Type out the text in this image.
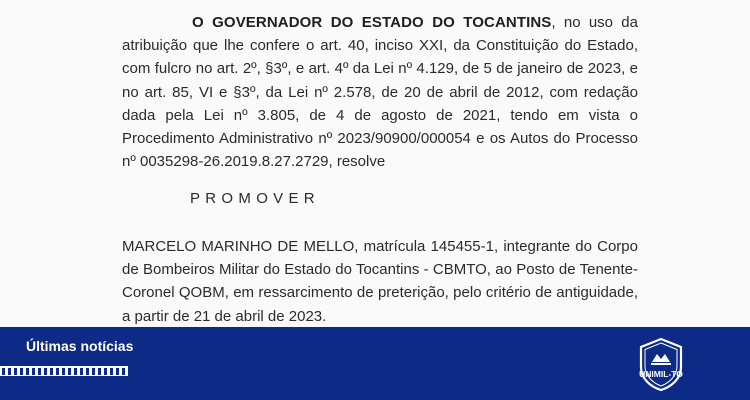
O GOVERNADOR DO ESTADO DO TOCANTINS, no uso da atribuição que lhe confere o art. 40, inciso XXI, da Constituição do Estado, com fulcro no art. 2º, §3º, e art. 4º da Lei nº 4.129, de 5 de janeiro de 2023, e no art. 85, VI e §3º, da Lei nº 2.578, de 20 de abril de 2012, com redação dada pela Lei nº 3.805, de 4 de agosto de 2021, tendo em vista o Procedimento Administrativo nº 2023/90900/000054 e os Autos do Processo nº 0035298-26.2019.8.27.2729, resolve

PROMOVER

MARCELO MARINHO DE MELLO, matrícula 145455-1, integrante do Corpo de Bombeiros Militar do Estado do Tocantins - CBMTO, ao Posto de Tenente-Coronel QOBM, em ressarcimento de preterição, pelo critério de antiguidade, a partir de 21 de abril de 2023.

Últimas notícias
UNIMIL-TO
